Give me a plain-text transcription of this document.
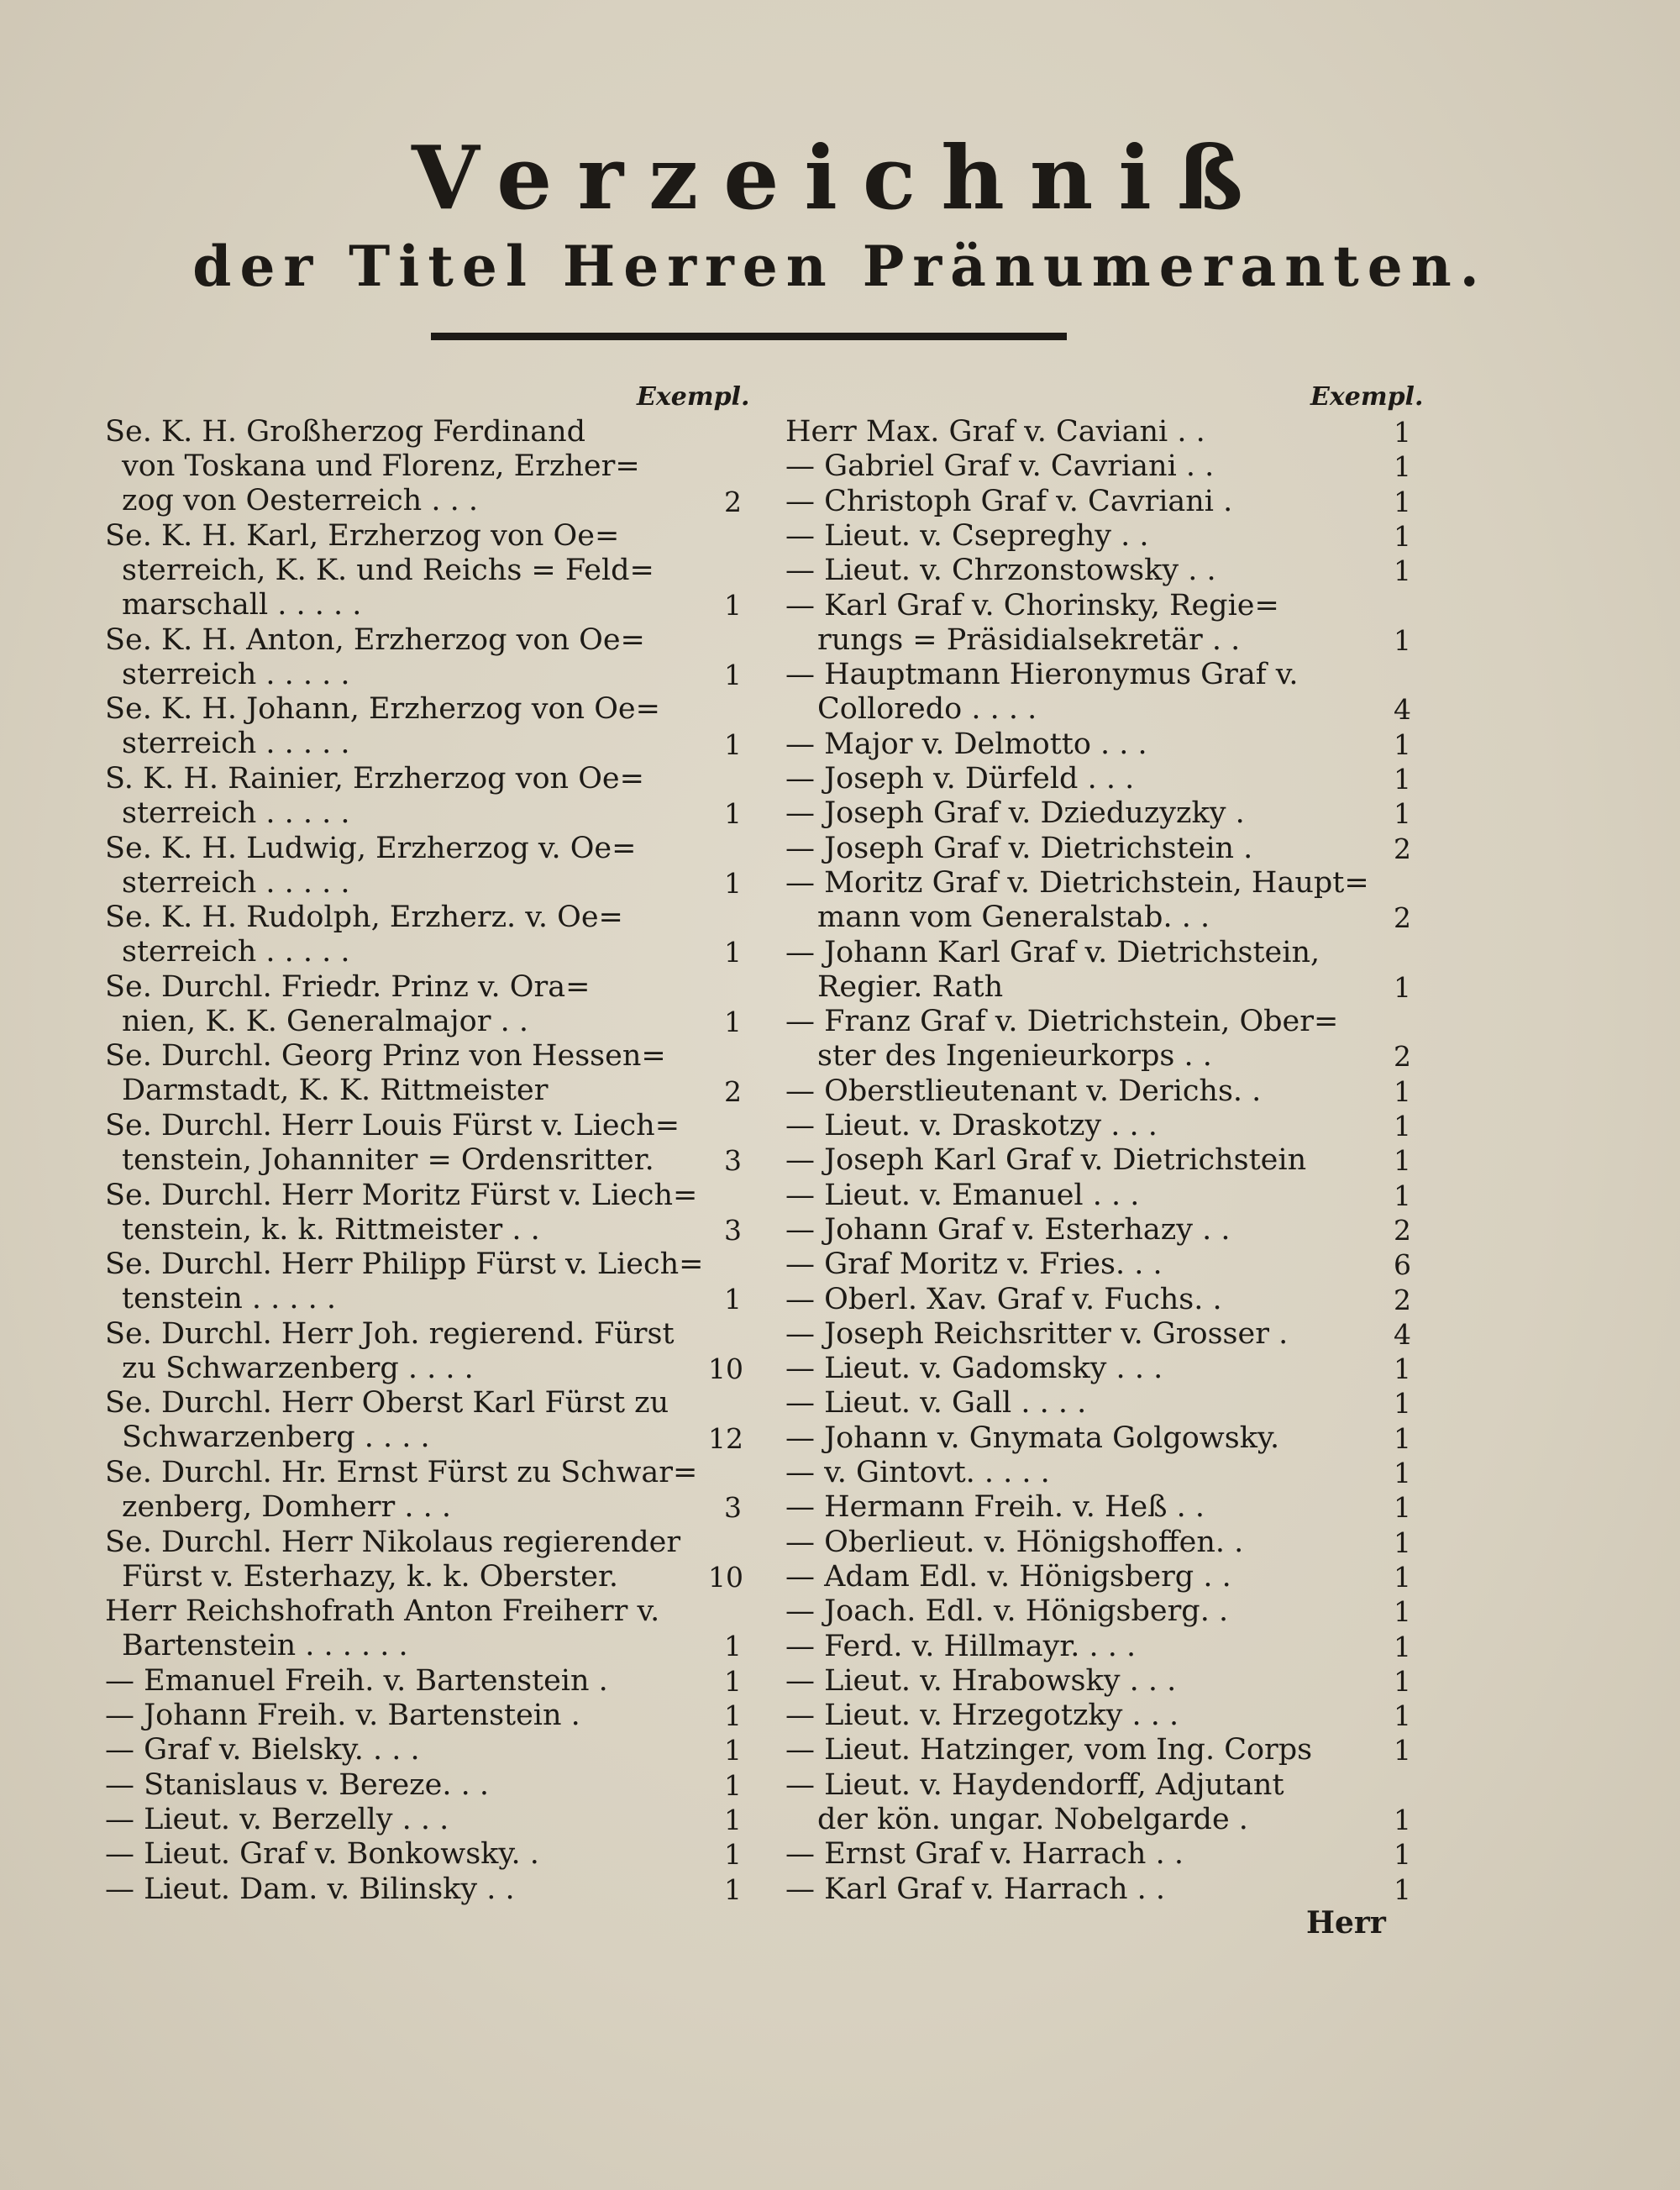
Verzeichniß
der Titel Herren Pränumeranten.
Exempl.	Exempl.
Se. K. H. Großherzog Ferdinand
von Toskana und Florenz, Erzher=
zog von Oesterreich . . .	2
Se. K. H. Karl, Erzherzog von Oe=
sterreich, K. K. und Reichs = Feld=
marschall . . . . .	1
Se. K. H. Anton, Erzherzog von Oe=
sterreich . . . . .	1
Se. K. H. Johann, Erzherzog von Oe=
sterreich . . . . .	1
S. K. H. Rainier, Erzherzog von Oe=
sterreich . . . . .	1
Se. K. H. Ludwig, Erzherzog v. Oe=
sterreich . . . . .	1
Se. K. H. Rudolph, Erzherz. v. Oe=
sterreich . . . . .	1
Se. Durchl. Friedr. Prinz v. Ora=
nien, K. K. Generalmajor . .	1
Se. Durchl. Georg Prinz von Hessen=
Darmstadt, K. K. Rittmeister	2
Se. Durchl. Herr Louis Fürst v. Liech=
tenstein, Johanniter = Ordensritter.	3
Se. Durchl. Herr Moritz Fürst v. Liech=
tenstein, k. k. Rittmeister . .	3
Se. Durchl. Herr Philipp Fürst v. Liech=
tenstein . . . . .	1
Se. Durchl. Herr Joh. regierend. Fürst
zu Schwarzenberg . . . .	10
Se. Durchl. Herr Oberst Karl Fürst zu
Schwarzenberg . . . .	12
Se. Durchl. Hr. Ernst Fürst zu Schwar=
zenberg, Domherr . . .	3
Se. Durchl. Herr Nikolaus regierender
Fürst v. Esterhazy, k. k. Oberster.	10
Herr Reichshofrath Anton Freiherr v.
Bartenstein . . . . . .	1
— Emanuel Freih. v. Bartenstein .	1
— Johann Freih. v. Bartenstein .	1
— Graf v. Bielsky. . . .	1
— Stanislaus v. Bereze. . .	1
— Lieut. v. Berzelly . . .	1
— Lieut. Graf v. Bonkowsky. .	1
— Lieut. Dam. v. Bilinsky . .	1
Herr Max. Graf v. Caviani . .	1
— Gabriel Graf v. Cavriani . .	1
— Christoph Graf v. Cavriani .	1
— Lieut. v. Csepreghy . .	1
— Lieut. v. Chrzonstowsky . .	1
— Karl Graf v. Chorinsky, Regie=
rungs = Präsidialsekretär . .	1
— Hauptmann Hieronymus Graf v.
Colloredo . . . .	4
— Major v. Delmotto . . .	1
— Joseph v. Dürfeld . . .	1
— Joseph Graf v. Dzieduzyzky .	1
— Joseph Graf v. Dietrichstein .	2
— Moritz Graf v. Dietrichstein, Haupt=
mann vom Generalstab. . .	2
— Johann Karl Graf v. Dietrichstein,
Regier. Rath	1
— Franz Graf v. Dietrichstein, Ober=
ster des Ingenieurkorps . .	2
— Oberstlieutenant v. Derichs. .	1
— Lieut. v. Draskotzy . . .	1
— Joseph Karl Graf v. Dietrichstein	1
— Lieut. v. Emanuel . . .	1
— Johann Graf v. Esterhazy . .	2
— Graf Moritz v. Fries. . .	6
— Oberl. Xav. Graf v. Fuchs. .	2
— Joseph Reichsritter v. Grosser .	4
— Lieut. v. Gadomsky . . .	1
— Lieut. v. Gall . . . .	1
— Johann v. Gnymata Golgowsky.	1
— v. Gintovt. . . . .	1
— Hermann Freih. v. Heß . .	1
— Oberlieut. v. Hönigshoffen. .	1
— Adam Edl. v. Hönigsberg . .	1
— Joach. Edl. v. Hönigsberg. .	1
— Ferd. v. Hillmayr. . . .	1
— Lieut. v. Hrabowsky . . .	1
— Lieut. v. Hrzegotzky . . .	1
— Lieut. Hatzinger, vom Ing. Corps	1
— Lieut. v. Haydendorff, Adjutant
der kön. ungar. Nobelgarde .	1
— Ernst Graf v. Harrach . .	1
— Karl Graf v. Harrach . .	1
Herr
